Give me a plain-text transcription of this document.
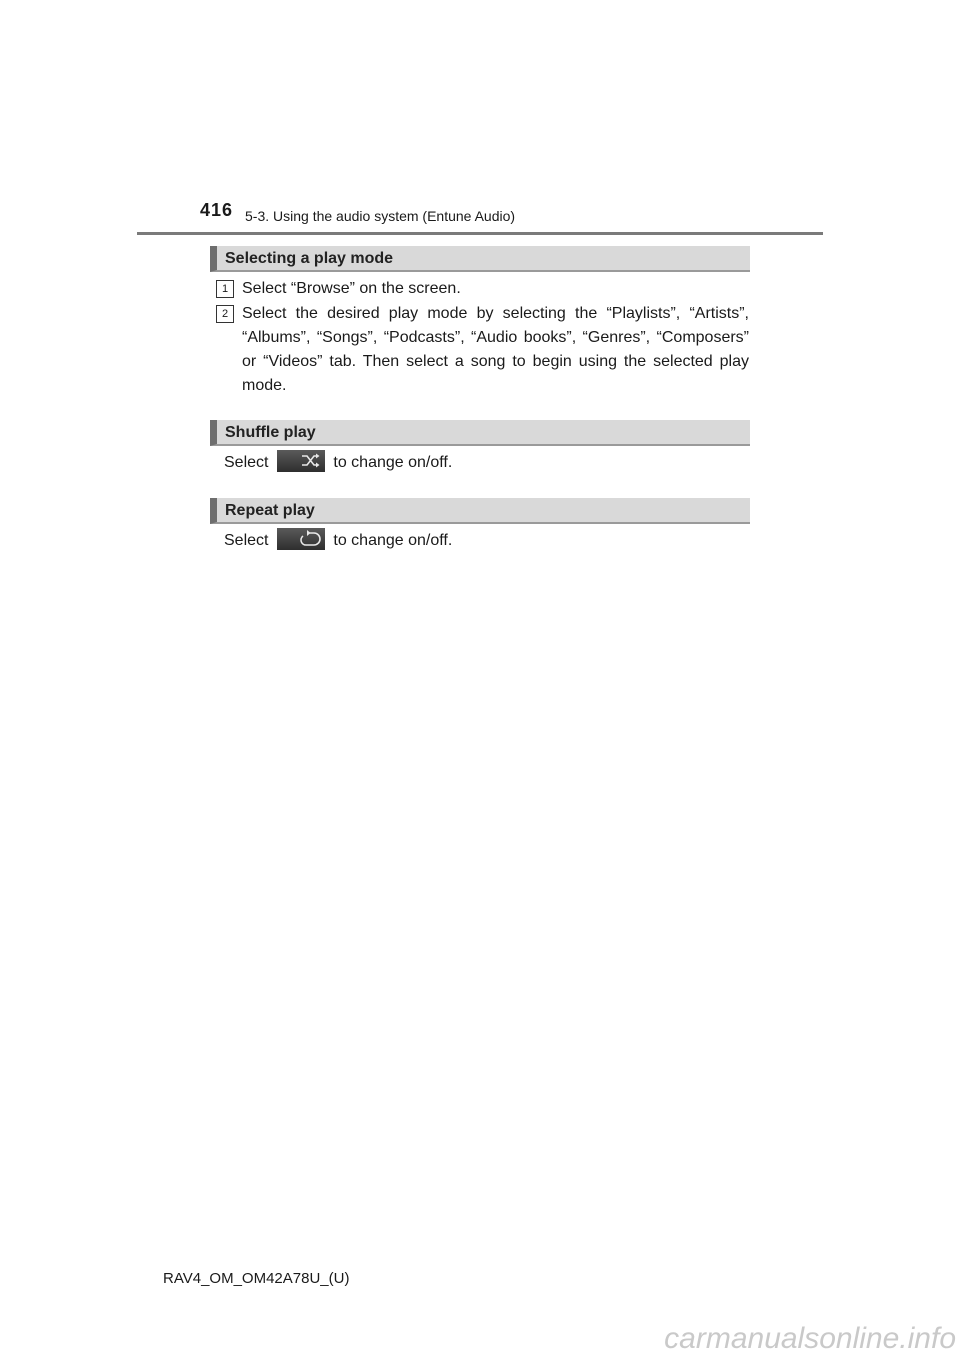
416 5-3. Using the audio system (Entune Audio)
Selecting a play mode
1 Select “Browse” on the screen.
2 Select the desired play mode by selecting the “Playlists”, “Artists”, “Albums”, “Songs”, “Podcasts”, “Audio books”, “Genres”, “Composers” or “Videos” tab. Then select a song to begin using the selected play mode.
Shuffle play
Select	to change on/off.
Repeat play
Select	to change on/off.
RAV4_OM_OM42A78U_(U)
carmanualsonline.info
